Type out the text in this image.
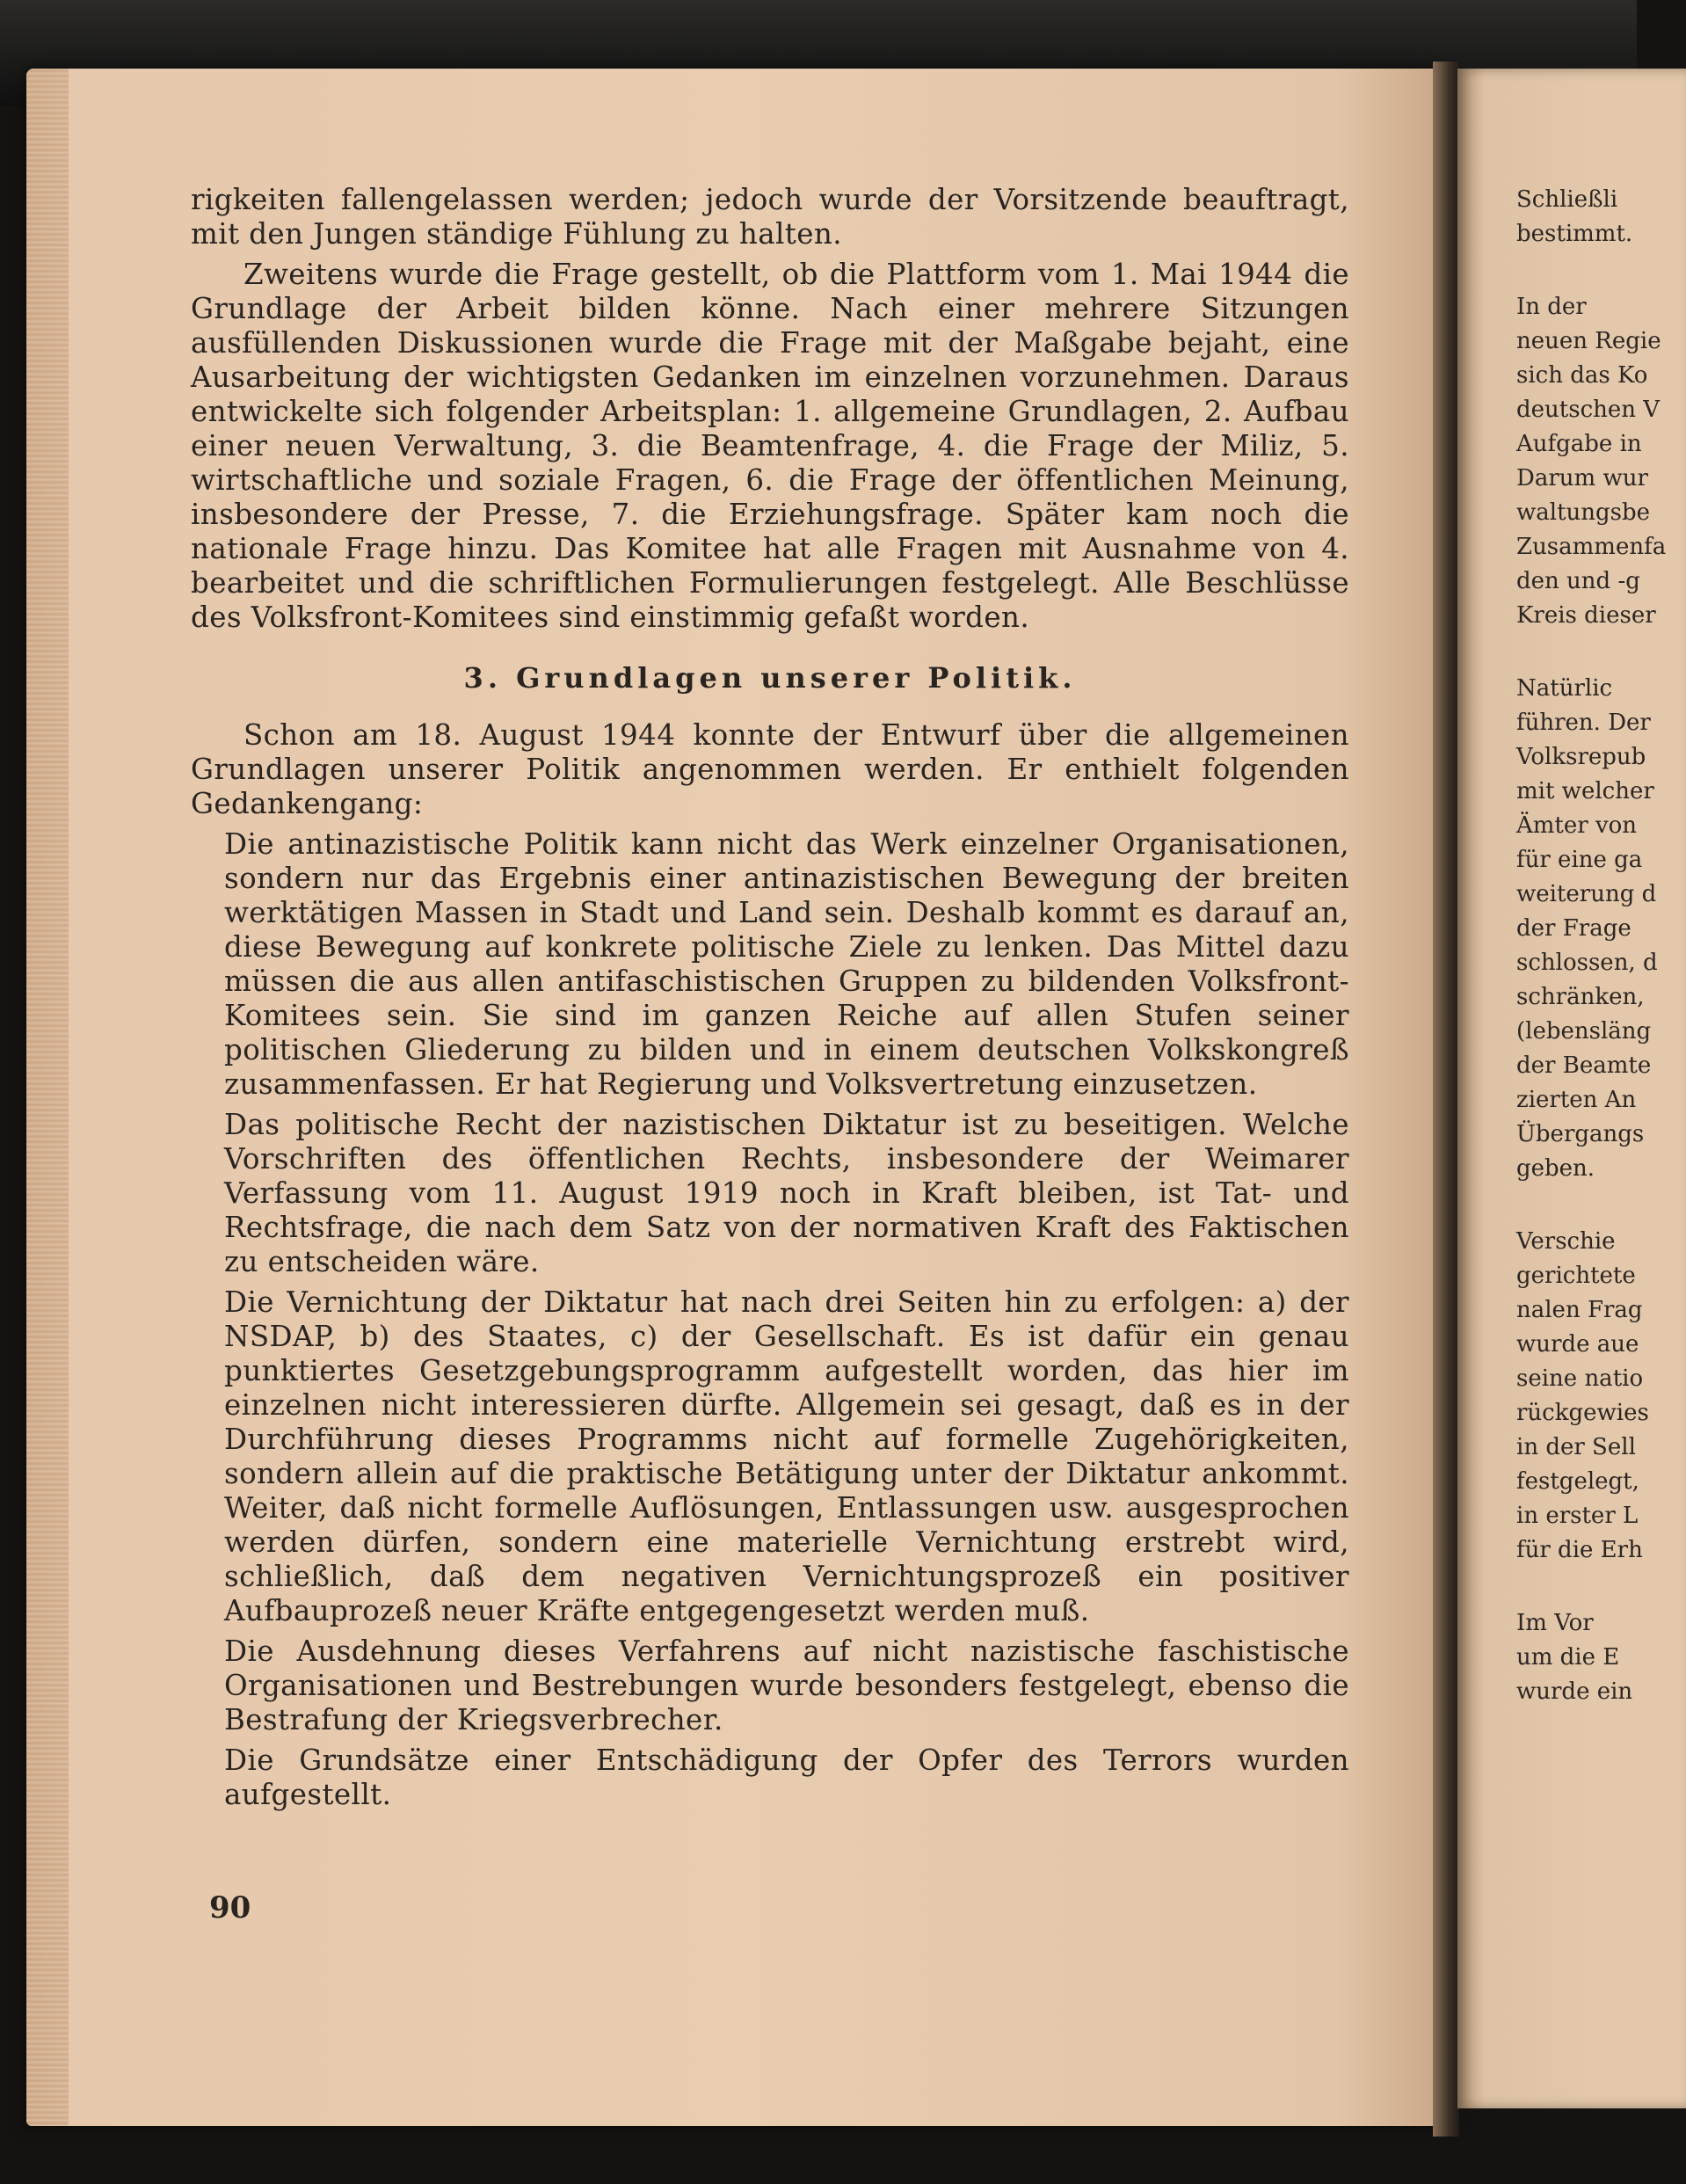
rigkeiten fallengelassen werden; jedoch wurde der Vorsitzende beauftragt, mit den Jungen ständige Fühlung zu halten.

Zweitens wurde die Frage gestellt, ob die Plattform vom 1. Mai 1944 die Grundlage der Arbeit bilden könne. Nach einer mehrere Sitzungen ausfüllenden Diskussionen wurde die Frage mit der Maßgabe bejaht, eine Ausarbeitung der wichtigsten Gedanken im einzelnen vorzunehmen. Daraus entwickelte sich folgender Arbeitsplan: 1. allgemeine Grundlagen, 2. Aufbau einer neuen Verwaltung, 3. die Beamtenfrage, 4. die Frage der Miliz, 5. wirtschaftliche und soziale Fragen, 6. die Frage der öffentlichen Meinung, insbesondere der Presse, 7. die Erziehungsfrage. Später kam noch die nationale Frage hinzu. Das Komitee hat alle Fragen mit Ausnahme von 4. bearbeitet und die schriftlichen Formulierungen festgelegt. Alle Beschlüsse des Volksfront-Komitees sind einstimmig gefaßt worden.

3. Grundlagen unserer Politik.

Schon am 18. August 1944 konnte der Entwurf über die allgemeinen Grundlagen unserer Politik angenommen werden. Er enthielt folgenden Gedankengang:

Die antinazistische Politik kann nicht das Werk einzelner Organisationen, sondern nur das Ergebnis einer antinazistischen Bewegung der breiten werktätigen Massen in Stadt und Land sein. Deshalb kommt es darauf an, diese Bewegung auf konkrete politische Ziele zu lenken. Das Mittel dazu müssen die aus allen antifaschistischen Gruppen zu bildenden Volksfront-Komitees sein. Sie sind im ganzen Reiche auf allen Stufen seiner politischen Gliederung zu bilden und in einem deutschen Volkskongreß zusammenfassen. Er hat Regierung und Volksvertretung einzusetzen.

Das politische Recht der nazistischen Diktatur ist zu beseitigen. Welche Vorschriften des öffentlichen Rechts, insbesondere der Weimarer Verfassung vom 11. August 1919 noch in Kraft bleiben, ist Tat- und Rechtsfrage, die nach dem Satz von der normativen Kraft des Faktischen zu entscheiden wäre.

Die Vernichtung der Diktatur hat nach drei Seiten hin zu erfolgen: a) der NSDAP, b) des Staates, c) der Gesellschaft. Es ist dafür ein genau punktiertes Gesetzgebungsprogramm aufgestellt worden, das hier im einzelnen nicht interessieren dürfte. Allgemein sei gesagt, daß es in der Durchführung dieses Programms nicht auf formelle Zugehörigkeiten, sondern allein auf die praktische Betätigung unter der Diktatur ankommt. Weiter, daß nicht formelle Auflösungen, Entlassungen usw. ausgesprochen werden dürfen, sondern eine materielle Vernichtung erstrebt wird, schließlich, daß dem negativen Vernichtungsprozeß ein positiver Aufbauprozeß neuer Kräfte entgegengesetzt werden muß.

Die Ausdehnung dieses Verfahrens auf nicht nazistische faschistische Organisationen und Bestrebungen wurde besonders festgelegt, ebenso die Bestrafung der Kriegsverbrecher.

Die Grundsätze einer Entschädigung der Opfer des Terrors wurden aufgestellt.

90
Schließli
bestimmt.
In der
neuen Regie
sich das Ko
deutschen V
Aufgabe in
Darum wur
waltungsbe
Zusammenfa
den und -g
Kreis dieser
Natürlic
führen. Der
Volksrepub
mit welcher
Ämter von
für eine ga
weiterung d
der Frage
schlossen, d
schränken,
(lebensläng
der Beamte
zierten An
Übergangs
geben.
Verschie
gerichtete
nalen Frag
wurde aue
seine natio
rückgewies
in der Sell
festgelegt,
in erster L
für die Erh
Im Vor
um die E
wurde ein
